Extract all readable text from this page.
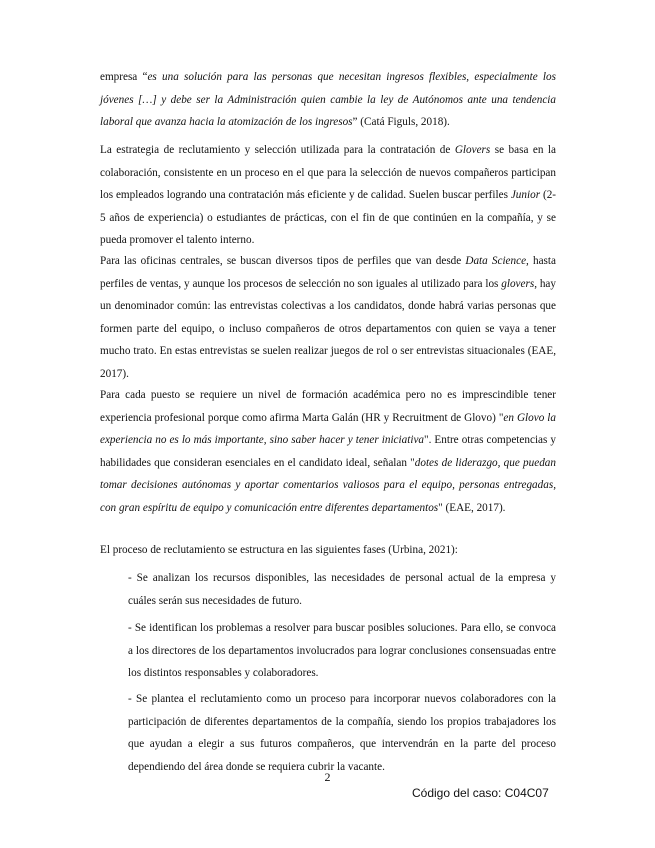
empresa “es una solución para las personas que necesitan ingresos flexibles, especialmente los jóvenes […] y debe ser la Administración quien cambie la ley de Autónomos ante una tendencia laboral que avanza hacia la atomización de los ingresos” (Catá Figuls, 2018).

La estrategia de reclutamiento y selección utilizada para la contratación de Glovers se basa en la colaboración, consistente en un proceso en el que para la selección de nuevos compañeros participan los empleados logrando una contratación más eficiente y de calidad. Suelen buscar perfiles Junior (2-5 años de experiencia) o estudiantes de prácticas, con el fin de que continúen en la compañía, y se pueda promover el talento interno.

Para las oficinas centrales, se buscan diversos tipos de perfiles que van desde Data Science, hasta perfiles de ventas, y aunque los procesos de selección no son iguales al utilizado para los glovers, hay un denominador común: las entrevistas colectivas a los candidatos, donde habrá varias personas que formen parte del equipo, o incluso compañeros de otros departamentos con quien se vaya a tener mucho trato. En estas entrevistas se suelen realizar juegos de rol o ser entrevistas situacionales (EAE, 2017).

Para cada puesto se requiere un nivel de formación académica pero no es imprescindible tener experiencia profesional porque como afirma Marta Galán (HR y Recruitment de Glovo) "en Glovo la experiencia no es lo más importante, sino saber hacer y tener iniciativa". Entre otras competencias y habilidades que consideran esenciales en el candidato ideal, señalan "dotes de liderazgo, que puedan tomar decisiones autónomas y aportar comentarios valiosos para el equipo, personas entregadas, con gran espíritu de equipo y comunicación entre diferentes departamentos" (EAE, 2017).

El proceso de reclutamiento se estructura en las siguientes fases (Urbina, 2021):

- Se analizan los recursos disponibles, las necesidades de personal actual de la empresa y cuáles serán sus necesidades de futuro.

- Se identifican los problemas a resolver para buscar posibles soluciones. Para ello, se convoca a los directores de los departamentos involucrados para lograr conclusiones consensuadas entre los distintos responsables y colaboradores.

- Se plantea el reclutamiento como un proceso para incorporar nuevos colaboradores con la participación de diferentes departamentos de la compañía, siendo los propios trabajadores los que ayudan a elegir a sus futuros compañeros, que intervendrán en la parte del proceso dependiendo del área donde se requiera cubrir la vacante.

2
Código del caso: C04C07
